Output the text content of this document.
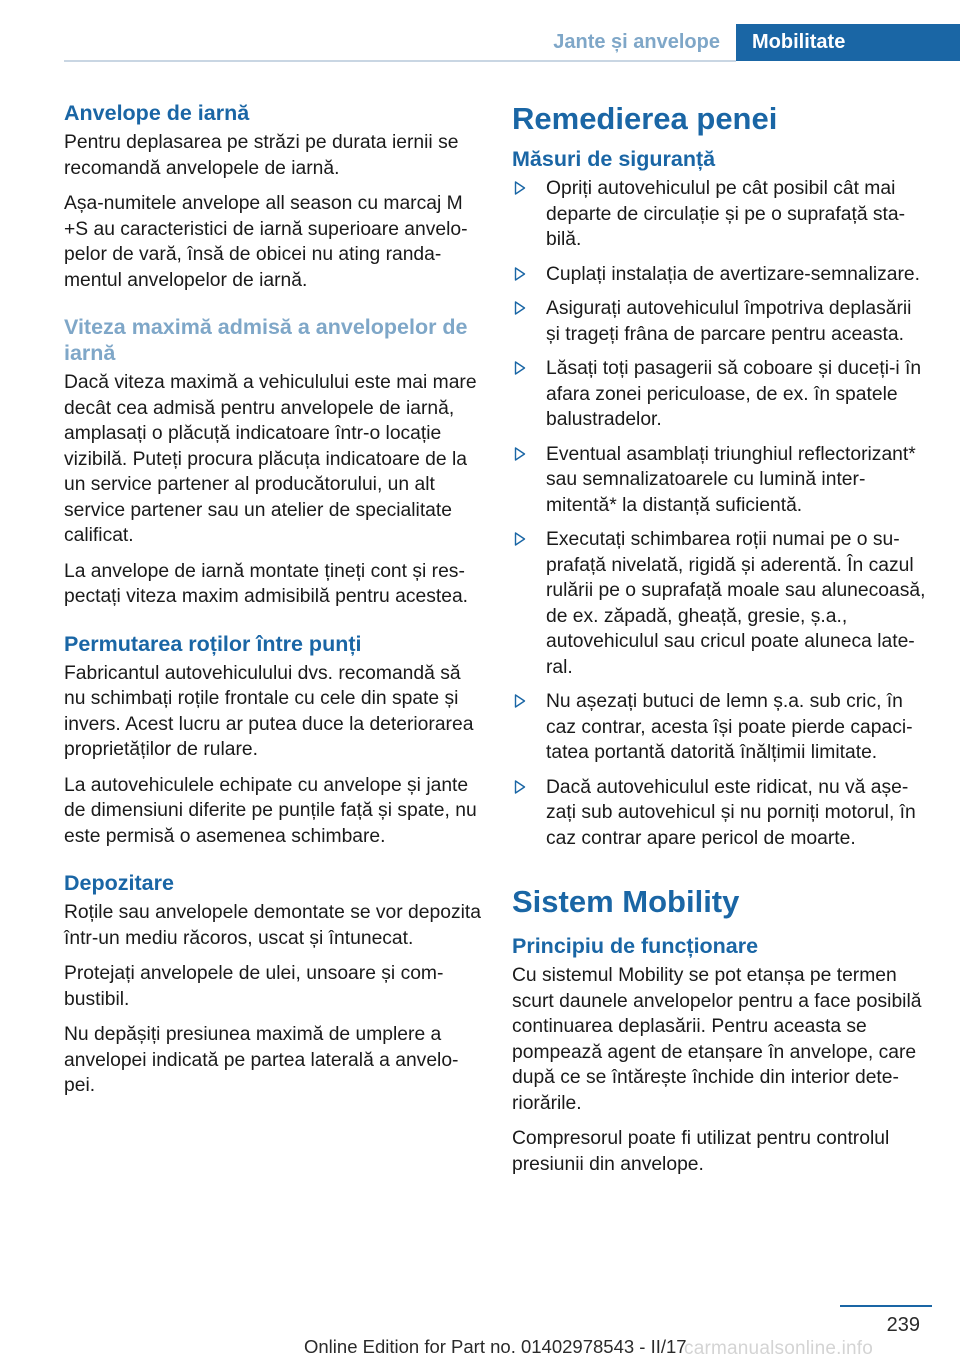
Jante și anvelope	Mobilitate
Anvelope de iarnă

Pentru deplasarea pe străzi pe durata iernii se recomandă anvelopele de iarnă.

Așa-numitele anvelope all season cu marcaj M +S au caracteristici de iarnă superioare anvelopelor de vară, însă de obicei nu ating randamentul anvelopelor de iarnă.

Viteza maximă admisă a anvelopelor de iarnă

Dacă viteza maximă a vehiculului este mai mare decât cea admisă pentru anvelopele de iarnă, amplasați o plăcuță indicatoare într-o locație vizibilă. Puteți procura plăcuța indicatoare de la un service partener al producătorului, un alt service partener sau un atelier de specialitate calificat.

La anvelope de iarnă montate țineți cont și respectați viteza maxim admisibilă pentru acestea.

Permutarea roților între punți

Fabricantul autovehiculului dvs. recomandă să nu schimbați roțile frontale cu cele din spate și invers. Acest lucru ar putea duce la deteriorarea proprietăților de rulare.

La autovehiculele echipate cu anvelope și jante de dimensiuni diferite pe punțile față și spate, nu este permisă o asemenea schimbare.

Depozitare

Roțile sau anvelopele demontate se vor depozita într-un mediu răcoros, uscat și întunecat.

Protejați anvelopele de ulei, unsoare și combustibil.

Nu depășiți presiunea maximă de umplere a anvelopei indicată pe partea laterală a anvelopei.

Remedierea penei
Măsuri de siguranță
Opriți autovehiculul pe cât posibil cât mai departe de circulație și pe o suprafață stabilă.
Cuplați instalația de avertizare-semnalizare.
Asigurați autovehiculul împotriva deplasării și trageți frâna de parcare pentru aceasta.
Lăsați toți pasagerii să coboare și duceți-i în afara zonei periculoase, de ex. în spatele balustradelor.
Eventual asamblați triunghiul reflectorizant* sau semnalizatoarele cu lumină intermitentă* la distanță suficientă.
Executați schimbarea roții numai pe o suprafață nivelată, rigidă și aderentă. În cazul rulării pe o suprafață moale sau alunecoasă, de ex. zăpadă, gheață, gresie, ș.a., autovehiculul sau cricul poate aluneca lateral.
Nu așezați butuci de lemn ș.a. sub cric, în caz contrar, acesta își poate pierde capacitatea portantă datorită înălțimii limitate.
Dacă autovehiculul este ridicat, nu vă așezați sub autovehicul și nu porniți motorul, în caz contrar apare pericol de moarte.
Sistem Mobility
Principiu de funcționare

Cu sistemul Mobility se pot etanșa pe termen scurt daunele anvelopelor pentru a face posibilă continuarea deplasării. Pentru aceasta se pompează agent de etanșare în anvelope, care după ce se întărește închide din interior deteriorările.

Compresorul poate fi utilizat pentru controlul presiunii din anvelope.

239
Online Edition for Part no. 01402978543 - II/17
carmanualsonline.info
